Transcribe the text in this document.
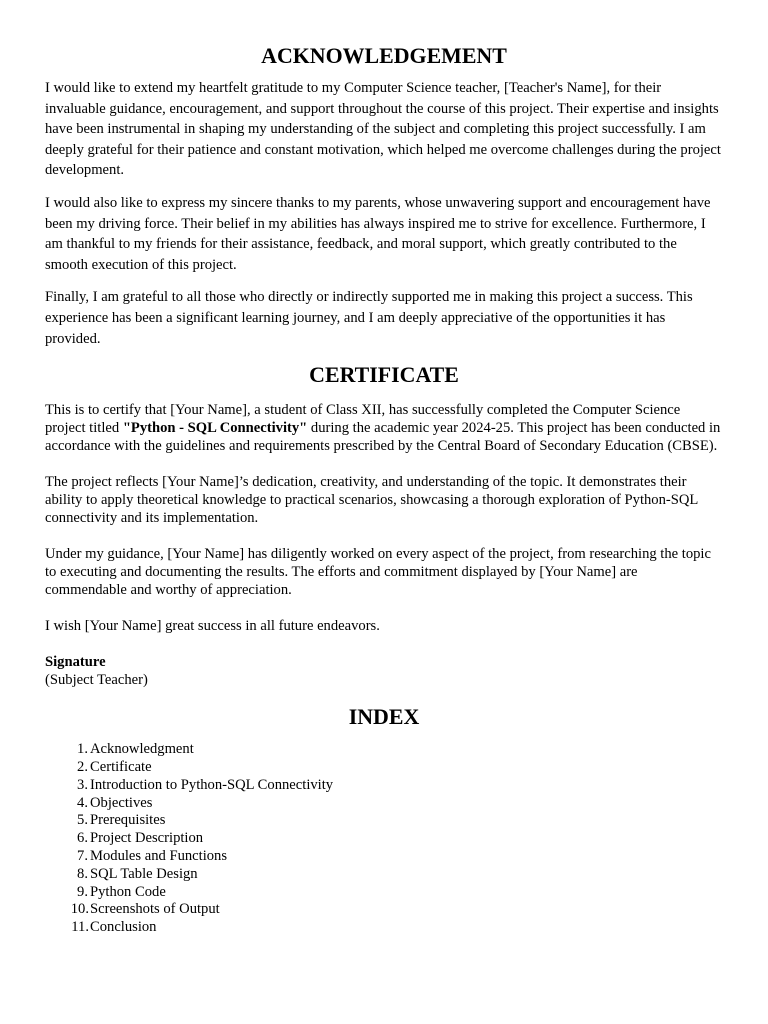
ACKNOWLEDGEMENT

I would like to extend my heartfelt gratitude to my Computer Science teacher, [Teacher's Name], for their invaluable guidance, encouragement, and support throughout the course of this project. Their expertise and insights have been instrumental in shaping my understanding of the subject and completing this project successfully. I am deeply grateful for their patience and constant motivation, which helped me overcome challenges during the project development.

I would also like to express my sincere thanks to my parents, whose unwavering support and encouragement have been my driving force. Their belief in my abilities has always inspired me to strive for excellence. Furthermore, I am thankful to my friends for their assistance, feedback, and moral support, which greatly contributed to the smooth execution of this project.

Finally, I am grateful to all those who directly or indirectly supported me in making this project a success. This experience has been a significant learning journey, and I am deeply appreciative of the opportunities it has provided.

CERTIFICATE

This is to certify that [Your Name], a student of Class XII, has successfully completed the Computer Science project titled "Python - SQL Connectivity" during the academic year 2024-25. This project has been conducted in accordance with the guidelines and requirements prescribed by the Central Board of Secondary Education (CBSE).

The project reflects [Your Name]’s dedication, creativity, and understanding of the topic. It demonstrates their ability to apply theoretical knowledge to practical scenarios, showcasing a thorough exploration of Python-SQL connectivity and its implementation.

Under my guidance, [Your Name] has diligently worked on every aspect of the project, from researching the topic to executing and documenting the results. The efforts and commitment displayed by [Your Name] are commendable and worthy of appreciation.

I wish [Your Name] great success in all future endeavors.

Signature
(Subject Teacher)
INDEX
1. Acknowledgment
2. Certificate
3. Introduction to Python-SQL Connectivity
4. Objectives
5. Prerequisites
6. Project Description
7. Modules and Functions
8. SQL Table Design
9. Python Code
10. Screenshots of Output
11. Conclusion
